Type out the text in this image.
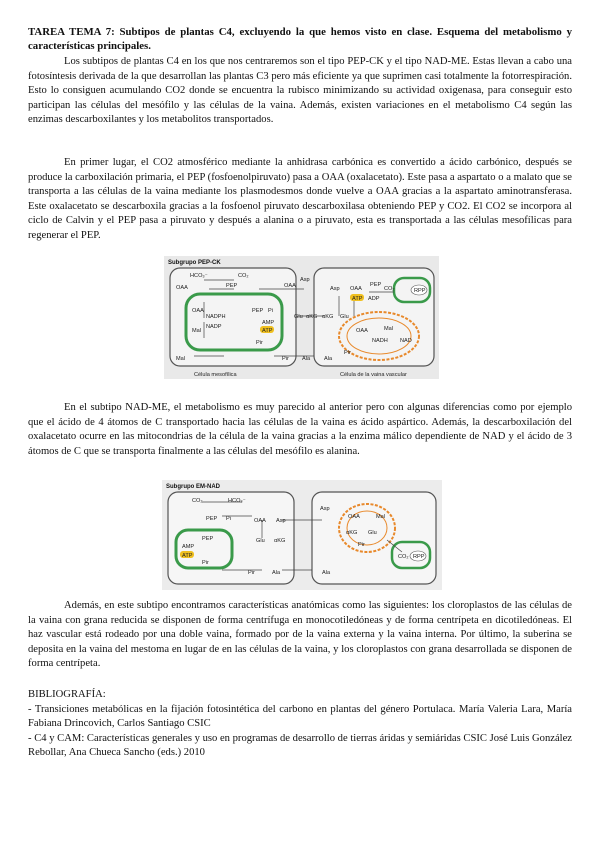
TAREA TEMA 7: Subtipos de plantas C4, excluyendo la que hemos visto en clase. Esquema del metabolismo y características principales.

Los subtipos de plantas C4 en los que nos centraremos son el tipo PEP-CK y el tipo NAD-ME. Estas llevan a cabo una fotosíntesis derivada de la que desarrollan las plantas C3 pero más eficiente ya que suprimen casi totalmente la fotorrespiración. Esto lo consiguen acumulando CO2 donde se encuentra la rubisco minimizando su actividad oxigenasa, para conseguir esto participan las células del mesófilo y las células de la vaina. Además, existen variaciones en el metabolismo C4 según las enzimas descarboxilantes y los metabolitos transportados.

En primer lugar, el CO2 atmosférico mediante la anhidrasa carbónica es convertido a ácido carbónico, después se produce la carboxilación primaria, el PEP (fosfoenolpiruvato) pasa a OAA (oxalacetato). Este pasa a aspartato o a malato que se transporta a las células de la vaina mediante los plasmodesmos donde vuelve a OAA gracias a la aspartato aminotransferasa. Este oxalacetato se descarboxila gracias a la fosfoenol piruvato descarboxilasa obteniendo PEP y CO2. El CO2 se incorpora al ciclo de Calvin y el PEP pasa a piruvato y después a alanina o a piruvato, esta es transportada a las células mesofílicas para regenerar el PEP.

Subgrupo PEP-CK
HCO₃⁻	CO₂
PEP
OAA
OAA
NADPH
NADP
Mal
Mal
PEP Pi
AMP
ATP
Pir
OAA
Asp
Glu αKG
Pir Ala
Asp OAA
PEP
CO₂	RPP
ATP ADP
αKG Glu
OAA	Mal
NADH NAD
Pir
Ala
Célula mesofílica	Célula de la vaina vascular

En el subtipo NAD-ME, el metabolismo es muy parecido al anterior pero con algunas diferencias como por ejemplo que el ácido de 4 átomos de C transportado hacia las células de la vaina es ácido aspártico. Además, la descarboxilación del oxalacetato ocurre en las mitocondrias de la célula de la vaina gracias a la enzima málico dependiente de NAD y el ácido de 3 átomos de C que se transporta finalmente a las células del mesófilo es alanina.

Subgrupo EM-NAD
CO₂	HCO₃⁻
PEP Pi	OAA Asp
PEP
AMP
ATP
Pir
Glu αKG
Pir	Ala
Asp
OAA	Mal
αKG Glu
Pir
CO₂ RPP
Ala

Además, en este subtipo encontramos características anatómicas como las siguientes: los cloroplastos de las células de la vaina con grana reducida se disponen de forma centrífuga en monocotiledóneas y de forma centrípeta en dicotiledóneas. El haz vascular está rodeado por una doble vaina, formado por de la vaina externa y la vaina interna. Por último, la suberina se deposita en la vaina del mestoma en lugar de en las células de la vaina, y los cloroplastos con grana desarrollada se disponen de forma centrípeta.

BIBLIOGRAFÍA:
- Transiciones metabólicas en la fijación fotosintética del carbono en plantas del género Portulaca. María Valeria Lara, María Fabiana Drincovich, Carlos Santiago CSIC
- C4 y CAM: Características generales y uso en programas de desarrollo de tierras áridas y semiáridas CSIC José Luis González Rebollar, Ana Chueca Sancho (eds.) 2010
